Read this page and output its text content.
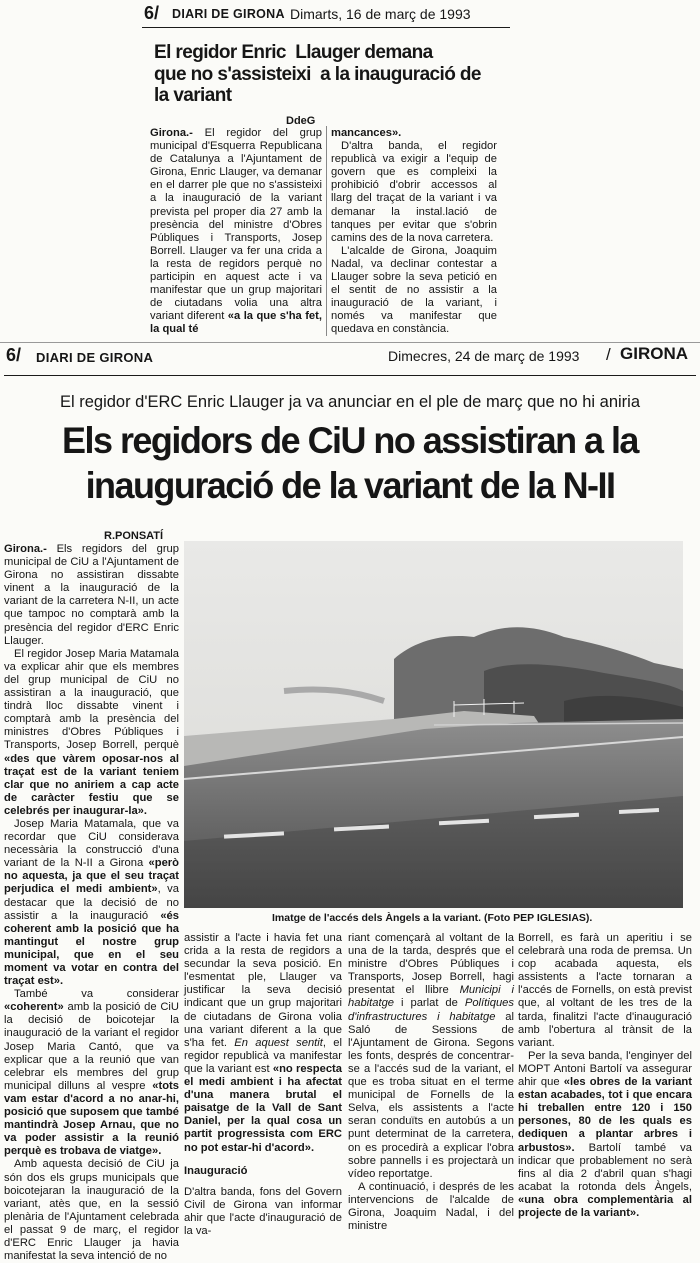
6/ DIARI DE GIRONA Dimarts, 16 de març de 1993
El regidor Enric  Llauger demana
que no s'assisteixi  a la inauguració de
la variant
DdeG

Girona.- El regidor del grup municipal d'Esquerra Republicana de Catalunya a l'Ajuntament de Girona, Enric Llauger, va demanar en el darrer ple que no s'assisteixi a la inauguració de la variant prevista pel proper dia 27 amb la presència del ministre d'Obres Públiques i Transports, Josep Borrell. Llauger va fer una crida a la resta de regidors perquè no participin en aquest acte i va manifestar que un grup majoritari de ciutadans volia una altra variant diferent «a la que s'ha fet, la qual té

mancances».

D'altra banda, el regidor republicà va exigir a l'equip de govern que es compleixi la prohibició d'obrir accessos al llarg del traçat de la variant i va demanar la instal.lació de tanques per evitar que s'obrin camins des de la nova carretera.

L'alcalde de Girona, Joaquim Nadal, va declinar contestar a Llauger sobre la seva petició en el sentit de no assistir a la inauguració de la variant, i només va manifestar que quedava en constància.

6/ DIARI DE GIRONA	Dimecres, 24 de març de 1993 / GIRONA
El regidor d'ERC Enric Llauger ja va anunciar en el ple de març que no hi aniria
Els regidors de CiU no assistiran a la
inauguració de la variant de la N-II
R.PONSATÍ

Girona.- Els regidors del grup municipal de CiU a l'Ajuntament de Girona no assistiran dissabte vinent a la inauguració de la variant de la carretera N-II, un acte que tampoc no comptarà amb la presència del regidor d'ERC Enric Llauger.

El regidor Josep Maria Matamala va explicar ahir que els membres del grup municipal de CiU no assistiran a la inauguració, que tindrà lloc dissabte vinent i comptarà amb la presència del ministres d'Obres Públiques i Transports, Josep Borrell, perquè «des que vàrem oposar-nos al traçat est de la variant teniem clar que no aniriem a cap acte de caràcter festiu que se celebrés per inaugurar-la».

Josep Maria Matamala, que va recordar que CiU considerava necessària la construcció d'una variant de la N-II a Girona «però no aquesta, ja que el seu traçat perjudica el medi ambient», va destacar que la decisió de no assistir a la inauguració «és coherent amb la posició que ha mantingut el nostre grup municipal, que en el seu moment va votar en contra del traçat est».

També va considerar «coherent» amb la posició de CiU la decisió de boicotejar la inauguració de la variant el regidor Josep Maria Cantó, que va explicar que a la reunió que van celebrar els membres del grup municipal dilluns al vespre «tots vam estar d'acord a no anar-hi, posició que suposem que també mantindrà Josep Arnau, que no va poder assistir a la reunió perquè es trobava de viatge».

Amb aquesta decisió de CiU ja són dos els grups municipals que boicotejaran la inauguració de la variant, atès que, en la sessió plenària de l'Ajuntament celebrada el passat 9 de març, el regidor d'ERC Enric Llauger ja havia manifestat la seva intenció de no

Imatge de l'accés dels Àngels a la variant. (Foto PEP IGLESIAS).

assistir a l'acte i havia fet una crida a la resta de regidors a secundar la seva posició. En l'esmentat ple, Llauger va justificar la seva decisió indicant que un grup majoritari de ciutadans de Girona volia una variant diferent a la que s'ha fet. En aquest sentit, el regidor republicà va manifestar que la variant est «no respecta el medi ambient i ha afectat d'una manera brutal el paisatge de la Vall de Sant Daniel, per la qual cosa un partit progressista com ERC no pot estar-hi d'acord».

Inauguració

D'altra banda, fons del Govern Civil de Girona van informar ahir que l'acte d'inauguració de la va-

riant començarà al voltant de la una de la tarda, després que el ministre d'Obres Públiques i Transports, Josep Borrell, hagi presentat el llibre Municipi i habitatge i parlat de Polítiques d'infrastructures i habitatge al Saló de Sessions de l'Ajuntament de Girona. Segons les fonts, després de concentrar-se a l'accés sud de la variant, el que es troba situat en el terme municipal de Fornells de la Selva, els assistents a l'acte seran conduïts en autobús a un punt determinat de la carretera, on es procedirà a explicar l'obra sobre pannells i es projectarà un vídeo reportatge.

A continuació, i després de les intervencions de l'alcalde de Girona, Joaquim Nadal, i del ministre

Borrell, es farà un aperitiu i se celebrarà una roda de premsa. Un cop acabada aquesta, els assistents a l'acte tornaran a l'accés de Fornells, on està previst que, al voltant de les tres de la tarda, finalitzi l'acte d'inauguració amb l'obertura al trànsit de la variant.

Per la seva banda, l'enginyer del MOPT Antoni Bartolí va assegurar ahir que «les obres de la variant estan acabades, tot i que encara hi treballen entre 120 i 150 persones, 80 de les quals es dediquen a plantar arbres i arbustos». Bartolí també va indicar que probablement no serà fins al dia 2 d'abril quan s'hagi acabat la rotonda dels Àngels, «una obra complementària al projecte de la variant».
